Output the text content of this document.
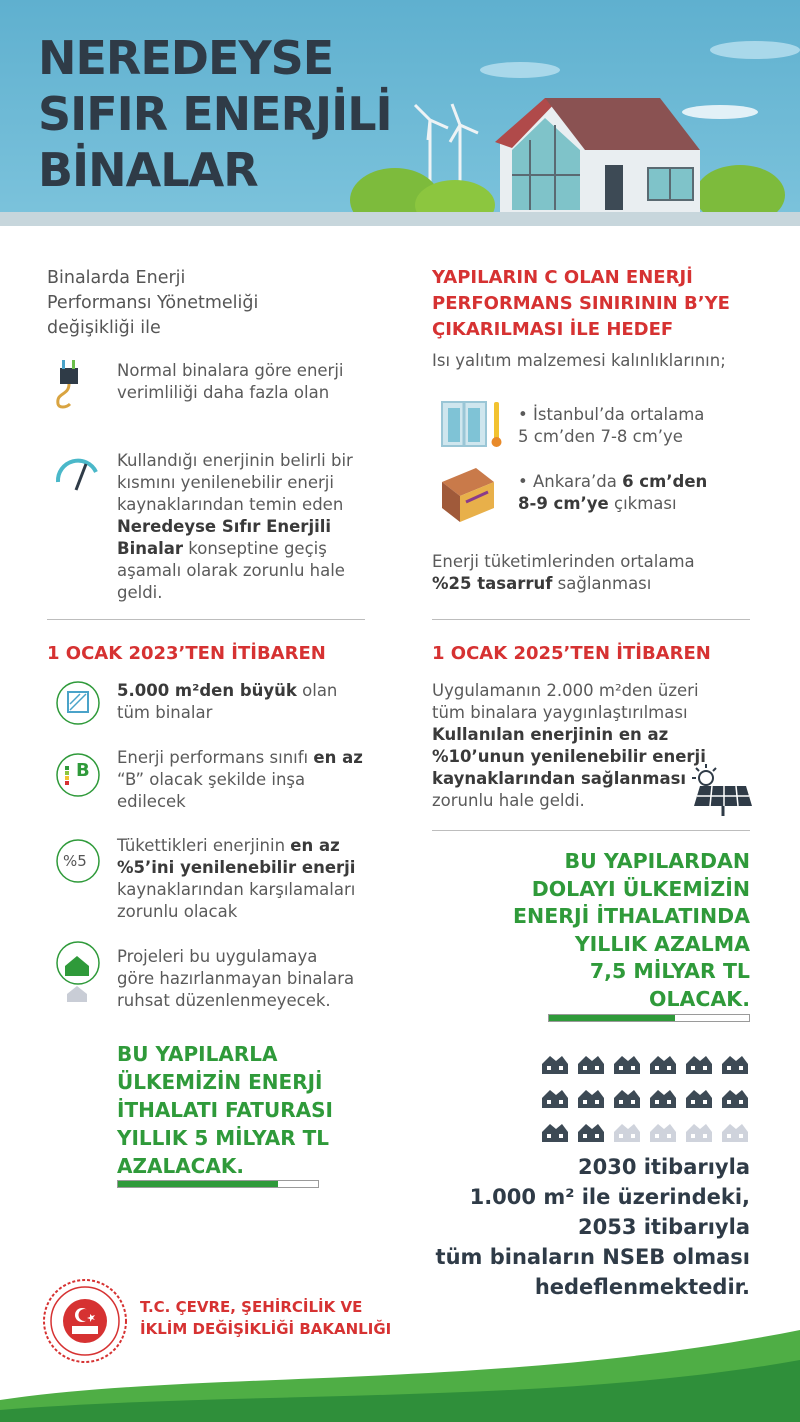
NEREDEYSE
SIFIR ENERJİLİ
BİNALAR
Binalarda Enerji
Performansı Yönetmeliği
değişikliği ile
Normal binalara göre enerji
verimliliği daha fazla olan
Kullandığı enerjinin belirli bir
kısmını yenilenebilir enerji
kaynaklarından temin eden
Neredeyse Sıfır Enerjili
Binalar konseptine geçiş
aşamalı olarak zorunlu hale
geldi.
1 OCAK 2023’TEN İTİBAREN
5.000 m²den büyük olan
tüm binalar
B
Enerji performans sınıfı en az
“B” olacak şekilde inşa
edilecek
%5
Tükettikleri enerjinin en az
%5’ini yenilenebilir enerji
kaynaklarından karşılamaları
zorunlu olacak
Projeleri bu uygulamaya
göre hazırlanmayan binalara
ruhsat düzenlenmeyecek.
BU YAPILARLA
ÜLKEMİZİN ENERJİ
İTHALATI FATURASI
YILLIK 5 MİLYAR TL
AZALACAK.
YAPILARIN C OLAN ENERJİ
PERFORMANS SINIRININ B’YE
ÇIKARILMASI İLE HEDEF
Isı yalıtım malzemesi kalınlıklarının;
• İstanbul’da ortalama
5 cm’den 7-8 cm’ye
• Ankara’da 6 cm’den
8-9 cm’ye çıkması
Enerji tüketimlerinden ortalama
%25 tasarruf sağlanması
1 OCAK 2025’TEN İTİBAREN
Uygulamanın 2.000 m²den üzeri
tüm binalara yaygınlaştırılması
Kullanılan enerjinin en az
%10’unun yenilenebilir enerji
kaynaklarından sağlanması
zorunlu hale geldi.
BU YAPILARDAN
DOLAYI ÜLKEMİZİN
ENERJİ İTHALATINDA
YILLIK AZALMA
7,5 MİLYAR TL
OLACAK.
2030 itibarıyla
1.000 m² ile üzerindeki,
2053 itibarıyla
tüm binaların NSEB olması
hedeflenmektedir.
T.C. ÇEVRE, ŞEHİRCİLİK VE
İKLİM DEĞİŞİKLİĞİ BAKANLIĞI
